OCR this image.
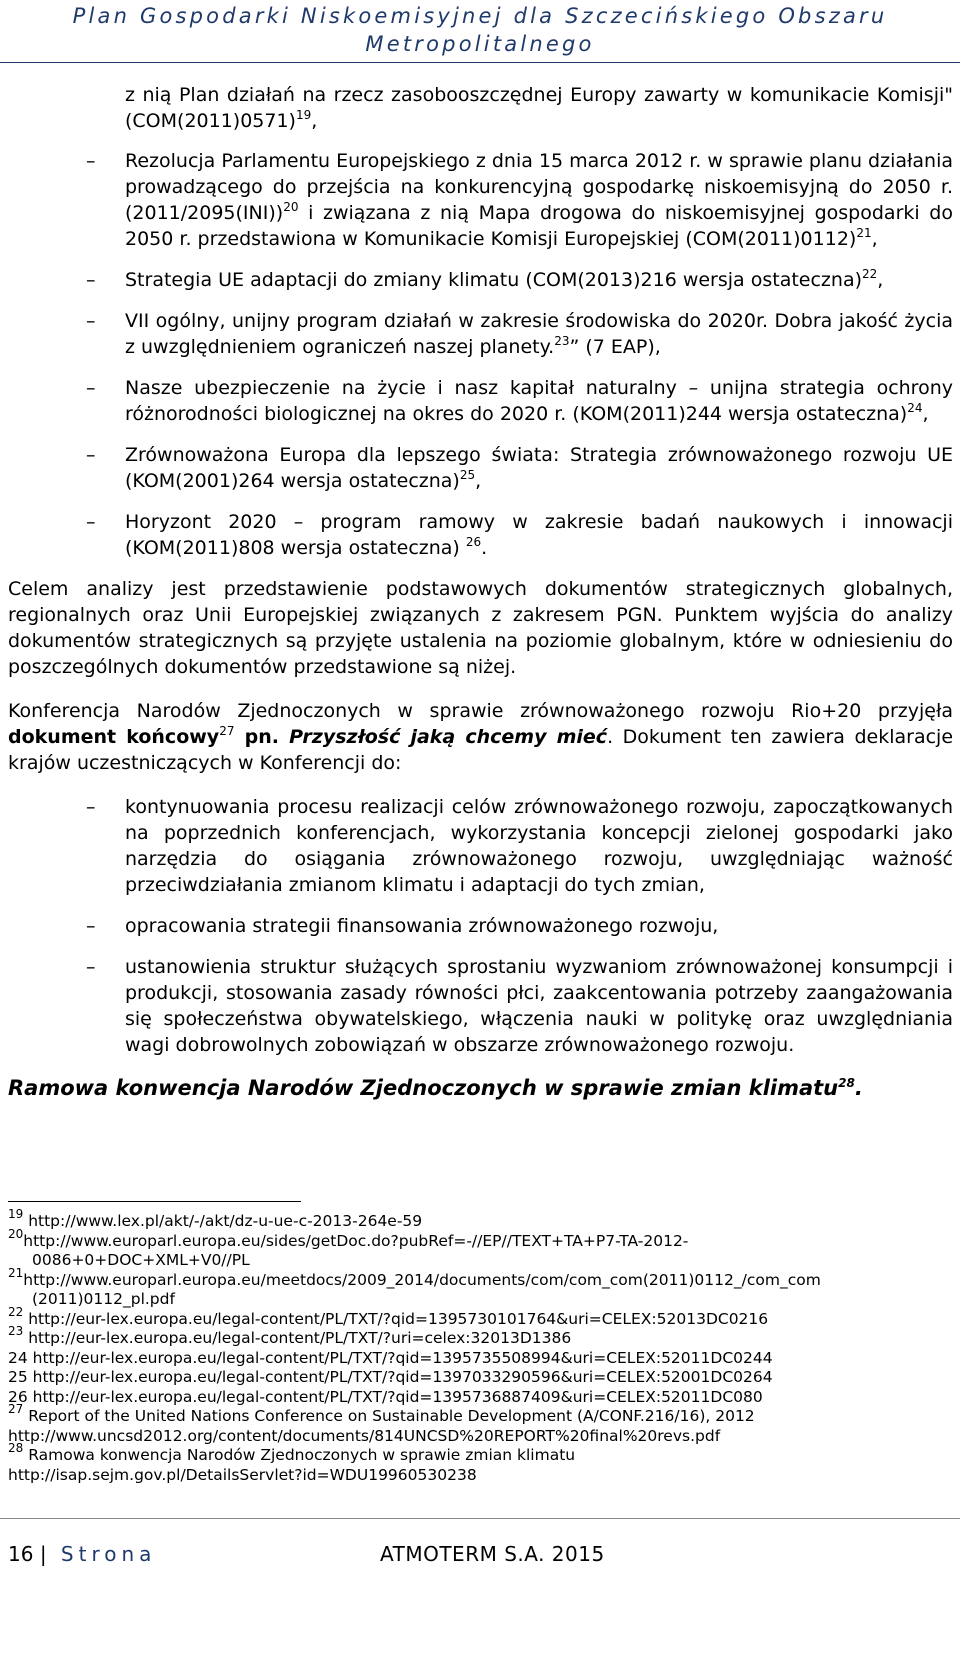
Plan Gospodarki Niskoemisyjnej dla Szczecińskiego Obszaru
Metropolitalnego
z nią Plan działań na rzecz zasobooszczędnej Europy zawarty w komunikacie Komisji" $(COM(2011)0571)^{19}$,
– Rezolucja Parlamentu Europejskiego z dnia 15 marca 2012 r. w sprawie planu działania prowadzącego do przejścia na konkurencyjną gospodarkę niskoemisyjną do 2050 r. $(2011/2095(INI))^{20}$ i związana z nią Mapa drogowa do niskoemisyjnej gospodarki do 2050 r. przedstawiona w Komunikacie Komisji Europejskiej $(COM(2011)0112)^{21}$,
– Strategia UE adaptacji do zmiany klimatu (COM(2013)216 wersja ostateczna)$^{22}$,
– VII ogólny, unijny program działań w zakresie środowiska do 2020r. Dobra jakość życia z uwzględnieniem ograniczeń naszej planety.$^{23}$” (7 EAP),
– Nasze ubezpieczenie na życie i nasz kapitał naturalny – unijna strategia ochrony różnorodności biologicznej na okres do 2020 r. (KOM(2011)244 wersja ostateczna)$^{24}$,
– Zrównoważona Europa dla lepszego świata: Strategia zrównoważonego rozwoju UE (KOM(2001)264 wersja ostateczna)$^{25}$,
– Horyzont 2020 – program ramowy w zakresie badań naukowych i innowacji (KOM(2011)808 wersja ostateczna) $^{26}$.

Celem analizy jest przedstawienie podstawowych dokumentów strategicznych globalnych, regionalnych oraz Unii Europejskiej związanych z zakresem PGN. Punktem wyjścia do analizy dokumentów strategicznych są przyjęte ustalenia na poziomie globalnym, które w odniesieniu do poszczególnych dokumentów przedstawione są niżej.

Konferencja Narodów Zjednoczonych w sprawie zrównoważonego rozwoju Rio+20 przyjęła dokument końcowy$^{27}$ pn. Przyszłość jaką chcemy mieć. Dokument ten zawiera deklaracje krajów uczestniczących w Konferencji do:

– kontynuowania procesu realizacji celów zrównoważonego rozwoju, zapoczątkowanych na poprzednich konferencjach, wykorzystania koncepcji zielonej gospodarki jako narzędzia do osiągania zrównoważonego rozwoju, uwzględniając ważność przeciwdziałania zmianom klimatu i adaptacji do tych zmian,
– opracowania strategii finansowania zrównoważonego rozwoju,
– ustanowienia struktur służących sprostaniu wyzwaniom zrównoważonej konsumpcji i produkcji, stosowania zasady równości płci, zaakcentowania potrzeby zaangażowania się społeczeństwa obywatelskiego, włączenia nauki w politykę oraz uwzględniania wagi dobrowolnych zobowiązań w obszarze zrównoważonego rozwoju.

Ramowa konwencja Narodów Zjednoczonych w sprawie zmian klimatu$^{28}$.

$^{19}$ http://www.lex.pl/akt/-/akt/dz-u-ue-c-2013-264e-59

$^{20}$http://www.europarl.europa.eu/sides/getDoc.do?pubRef=-//EP//TEXT+TA+P7-TA-2012-
0086+0+DOC+XML+V0//PL

$^{21}$http://www.europarl.europa.eu/meetdocs/2009_2014/documents/com/com_com(2011)0112_/com_com
(2011)0112_pl.pdf

$^{22}$ http://eur-lex.europa.eu/legal-content/PL/TXT/?qid=1395730101764&uri=CELEX:52013DC0216

$^{23}$ http://eur-lex.europa.eu/legal-content/PL/TXT/?uri=celex:32013D1386

24 http://eur-lex.europa.eu/legal-content/PL/TXT/?qid=1395735508994&uri=CELEX:52011DC0244

25 http://eur-lex.europa.eu/legal-content/PL/TXT/?qid=1397033290596&uri=CELEX:52001DC0264

26 http://eur-lex.europa.eu/legal-content/PL/TXT/?qid=1395736887409&uri=CELEX:52011DC080

$^{27}$ Report of the United Nations Conference on Sustainable Development (A/CONF.216/16), 2012
http://www.uncsd2012.org/content/documents/814UNCSD%20REPORT%20final%20revs.pdf

$^{28}$ Ramowa konwencja Narodów Zjednoczonych w sprawie zmian klimatu
http://isap.sejm.gov.pl/DetailsServlet?id=WDU19960530238

16 | Strona	ATMOTERM S.A. 2015
